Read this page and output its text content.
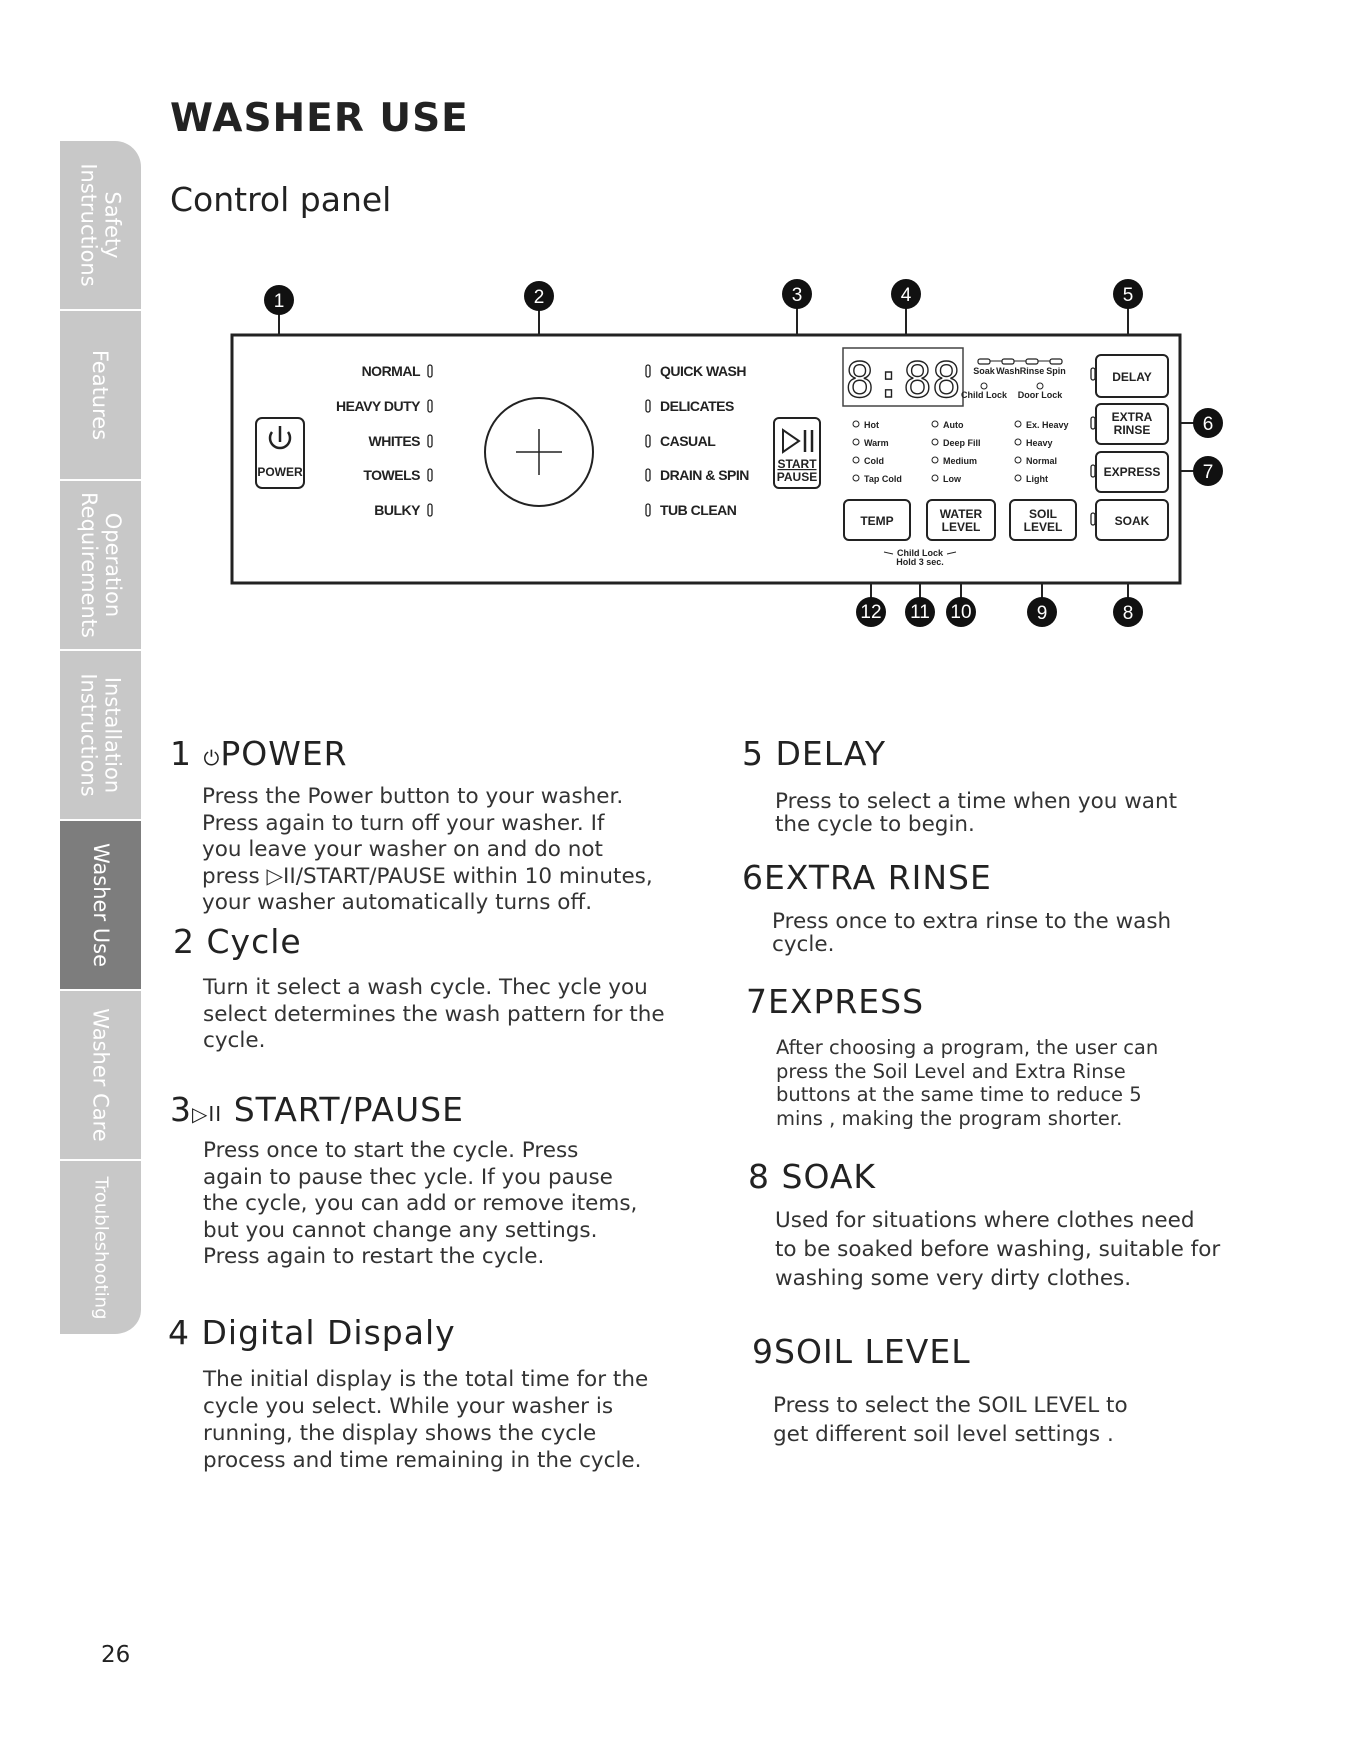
Safety
Instructions
Features
Operation
Requirements
Installation
Instructions
Washer Use
Washer Care
Troubleshooting
WASHER USE
Control panel
POWER
NORMAL
HEAVY DUTY
WHITES
TOWELS
BULKY
QUICK WASH
DELICATES
CASUAL
DRAIN & SPIN
TUB CLEAN
START
PAUSE
8:88 Soak Wash Rinse Spin
Child Lock Door Lock
Hot
Warm
Cold
Tap Cold
Auto
Deep Fill
Medium
Low
Ex. Heavy
Heavy
Normal
Light
TEMP	WATER
LEVEL
SOIL
LEVEL
Child Lock
Hold 3 sec.
DELAY
EXTRA
RINSE
EXPRESS
SOAK
1	2	3	4	5
6
7
8
9
10
11
12
1 ⏻POWER

Press the Power button to your washer.
Press again to turn off your washer. If
you leave your washer on and do not
press ▷II/START/PAUSE within 10 minutes,
your washer automatically turns off.

2 Cycle

Turn it select a wash cycle. Thec ycle you
select determines the wash pattern for the
cycle.

3▷II START/PAUSE

Press once to start the cycle. Press
again to pause thec ycle. If you pause
the cycle, you can add or remove items,
but you cannot change any settings.
Press again to restart the cycle.

4 Digital Dispaly

The initial display is the total time for the
cycle you select. While your washer is
running, the display shows the cycle
process and time remaining in the cycle.

5 DELAY

Press to select a time when you want
the cycle to begin.

6EXTRA RINSE

Press once to extra rinse to the wash
cycle.

7EXPRESS

After choosing a program, the user can
press the Soil Level and Extra Rinse
buttons at the same time to reduce 5
mins , making the program shorter.

8 SOAK

Used for situations where clothes need
to be soaked before washing, suitable for
washing some very dirty clothes.

9SOIL LEVEL

Press to select the SOIL LEVEL to
get different soil level settings .

26
